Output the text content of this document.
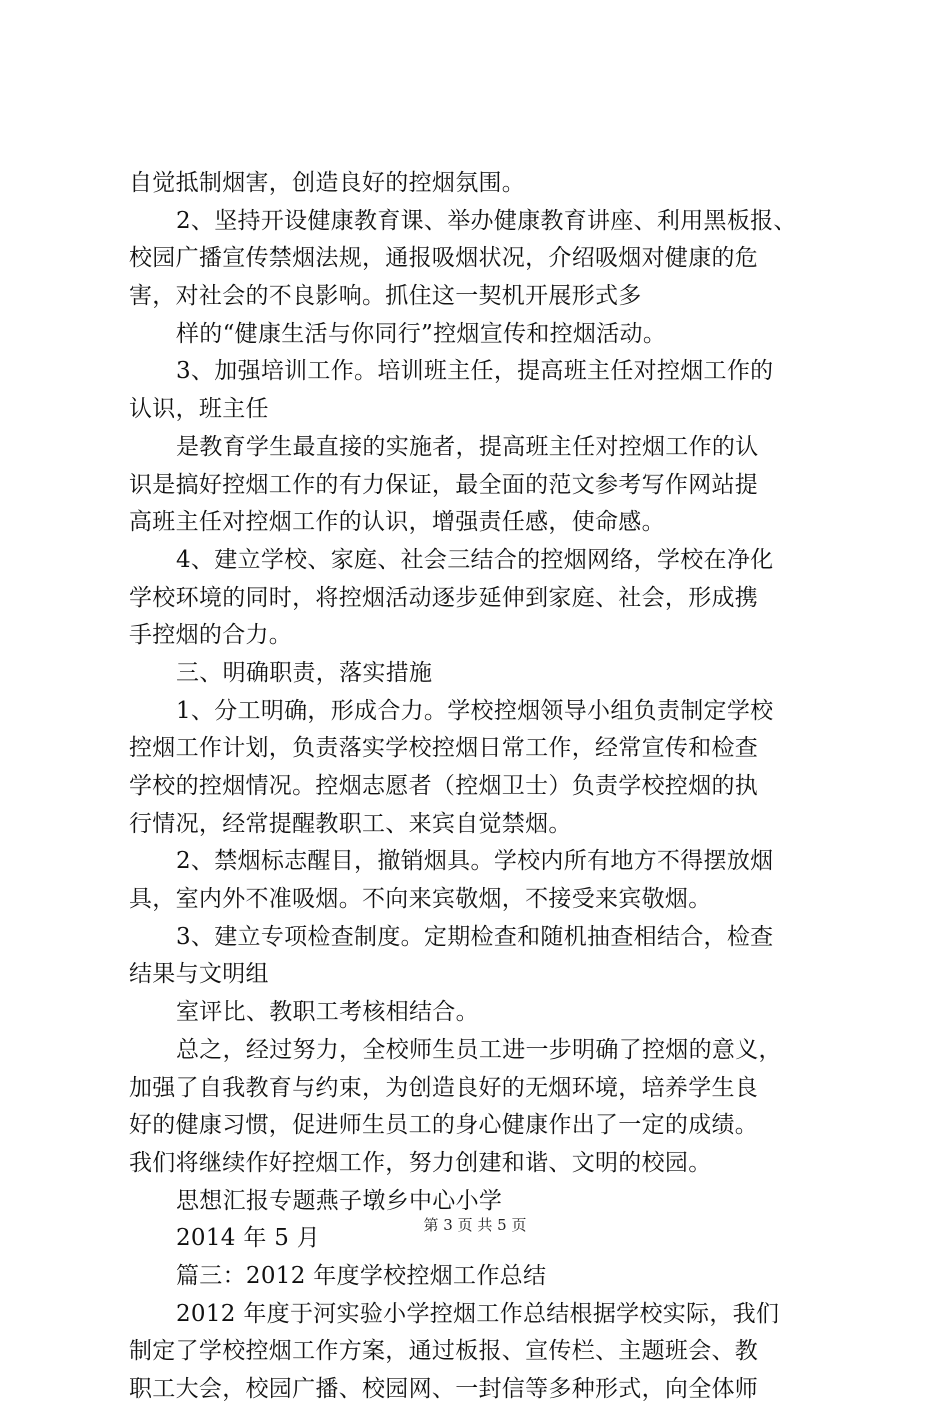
自觉抵制烟害，创造良好的控烟氛围。
2、坚持开设健康教育课、举办健康教育讲座、利用黑板报、
校园广播宣传禁烟法规，通报吸烟状况，介绍吸烟对健康的危
害，对社会的不良影响。抓住这一契机开展形式多
样的“健康生活与你同行”控烟宣传和控烟活动。
3、加强培训工作。培训班主任，提高班主任对控烟工作的
认识，班主任
是教育学生最直接的实施者，提高班主任对控烟工作的认
识是搞好控烟工作的有力保证，最全面的范文参考写作网站提
高班主任对控烟工作的认识，增强责任感，使命感。
4、建立学校、家庭、社会三结合的控烟网络，学校在净化
学校环境的同时，将控烟活动逐步延伸到家庭、社会，形成携
手控烟的合力。
三、明确职责，落实措施
1、分工明确，形成合力。学校控烟领导小组负责制定学校
控烟工作计划，负责落实学校控烟日常工作，经常宣传和检查
学校的控烟情况。控烟志愿者（控烟卫士）负责学校控烟的执
行情况，经常提醒教职工、来宾自觉禁烟。
2、禁烟标志醒目，撤销烟具。学校内所有地方不得摆放烟
具，室内外不准吸烟。不向来宾敬烟，不接受来宾敬烟。
3、建立专项检查制度。定期检查和随机抽查相结合，检查
结果与文明组
室评比、教职工考核相结合。
总之，经过努力，全校师生员工进一步明确了控烟的意义，
加强了自我教育与约束，为创造良好的无烟环境，培养学生良
好的健康习惯，促进师生员工的身心健康作出了一定的成绩。
我们将继续作好控烟工作，努力创建和谐、文明的校园。
思想汇报专题燕子墩乡中心小学
2014 年 5 月
篇三：2012 年度学校控烟工作总结
2012 年度于河实验小学控烟工作总结根据学校实际，我们
制定了学校控烟工作方案，通过板报、宣传栏、主题班会、教
职工大会，校园广播、校园网、一封信等多种形式，向全体师
第 3 页 共 5 页
